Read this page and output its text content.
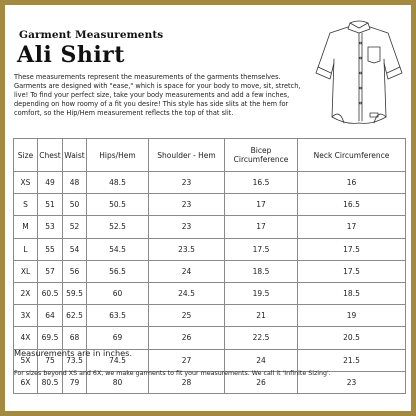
Garment Measurements
Ali Shirt

These measurements represent the measurements of the garments themselves. Garments are designed with "ease," which is space for your body to move, sit, stretch, live! To find your perfect size, take your body measurements and add a few inches, depending on how roomy of a fit you desire! This style has side slits at the hem for comfort, so the Hip/Hem measurement reflects the top of that slit.

Size	Chest	Waist	Hips/Hem	Shoulder - Hem	Bicep Circumference	Neck Circumference
XS	49	48	48.5	23	16.5	16
S	51	50	50.5	23	17	16.5
M	53	52	52.5	23	17	17
L	55	54	54.5	23.5	17.5	17.5
XL	57	56	56.5	24	18.5	17.5
2X	60.5	59.5	60	24.5	19.5	18.5
3X	64	62.5	63.5	25	21	19
4X	69.5	68	69	26	22.5	20.5
5X	75	73.5	74.5	27	24	21.5
6X	80.5	79	80	28	26	23
Measurements are in inches.
For sizes beyond XS and 6X, we make garments to fit your measurements. We call it 'Infinite Sizing'.
